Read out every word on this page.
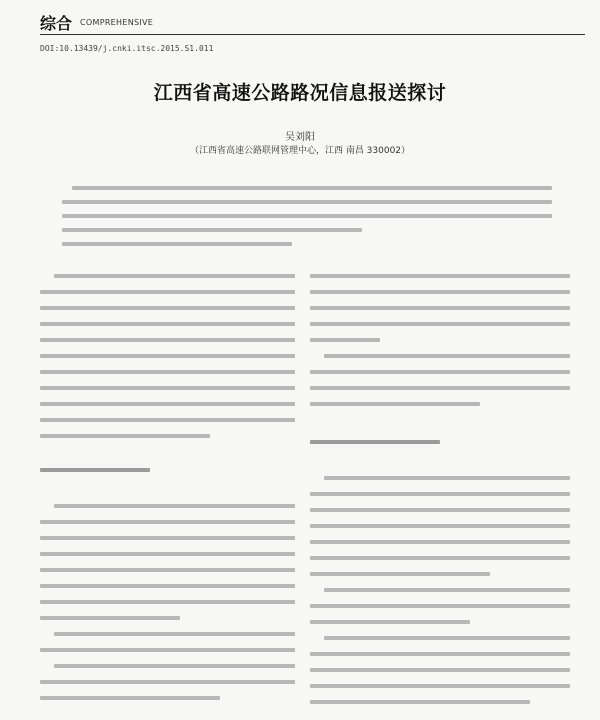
综合 COMPREHENSIVE
DOI:10.13439/j.cnki.itsc.2015.S1.011
江西省高速公路路况信息报送探讨
吴刘阳
（江西省高速公路联网管理中心，江西 南昌 330002）
